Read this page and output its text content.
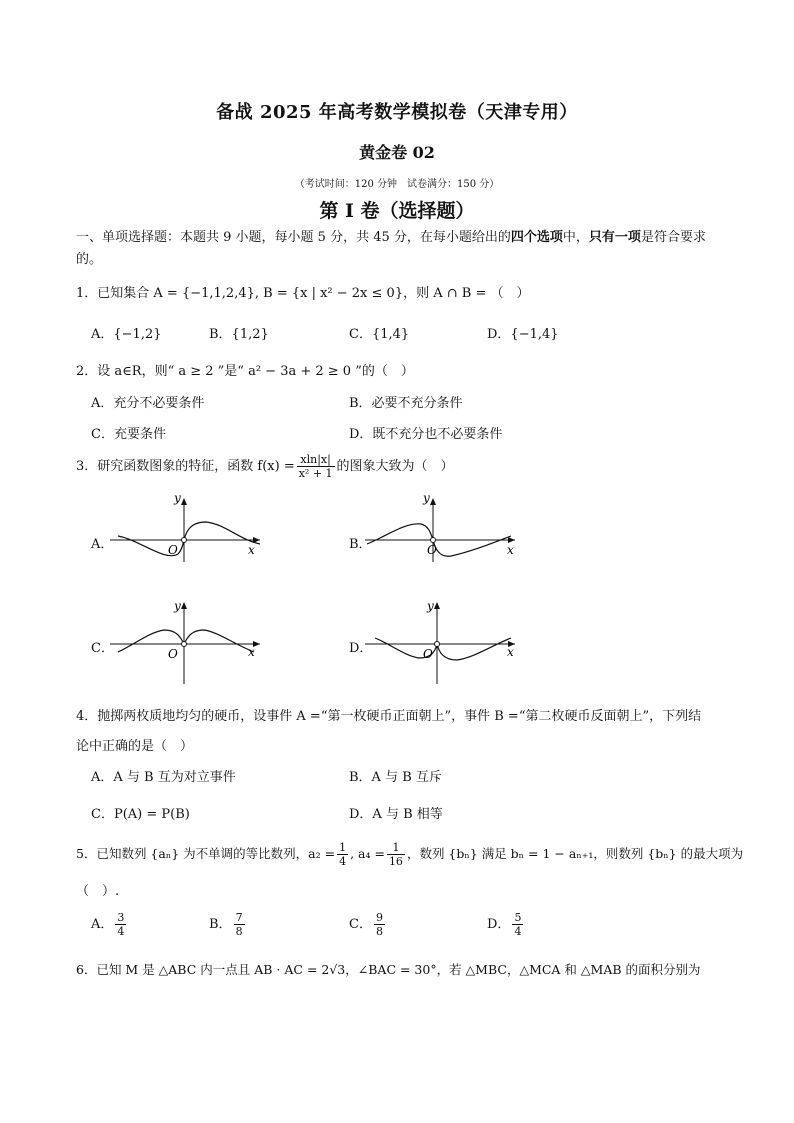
备战 2025 年高考数学模拟卷（天津专用）
黄金卷 02
（考试时间：120 分钟　试卷满分：150 分）
第 I 卷（选择题）
一、单项选择题：本题共 9 小题，每小题 5 分，共 45 分，在每小题给出的四个选项中，只有一项是符合要求的。
1．已知集合 A = {−1,1,2,4}, B = {x | x² − 2x ≤ 0}，则 A ∩ B = （　）
A．{−1,2}	B．{1,2}	C．{1,4}	D．{−1,4}
2．设 a∈R，则“ a ≥ 2 ”是“ a² − 3a + 2 ≥ 0 ”的（　）
A．充分不必要条件	B．必要不充分条件
C．充要条件	D．既不充分也不必要条件
3．研究函数图象的特征，函数 $f(x) = \frac{xln|x|}{\text{x² + 1}}$ 的图象大致为（　）
A．	B．
C．	D．
x
y
O	x
y
O
x
y
O	x
y
O
4．抛掷两枚质地均匀的硬币，设事件 A =“第一枚硬币正面朝上”，事件 B =“第二枚硬币反面朝上”，下列结
论中正确的是（　）
A．A 与 B 互为对立事件	B．A 与 B 互斥
C．P(A) = P(B)	D．A 与 B 相等
5．已知数列 {aₙ} 为不单调的等比数列，$a_2 = \frac{1}{4}$ , $a_4 = \frac{1}{16}$ ，数列 {bₙ} 满足 bₙ = 1 − aₙ₊₁，则数列 {bₙ} 的最大项为
（　）.
A． $\frac{3}{4}$	B． $\frac{7}{8}$	C． $\frac{9}{8}$	D． $\frac{5}{4}$
6．已知 M 是 △ABC 内一点且 AB · AC = 2√3，∠BAC = 30°，若 △MBC，△MCA 和 △MAB 的面积分别为
